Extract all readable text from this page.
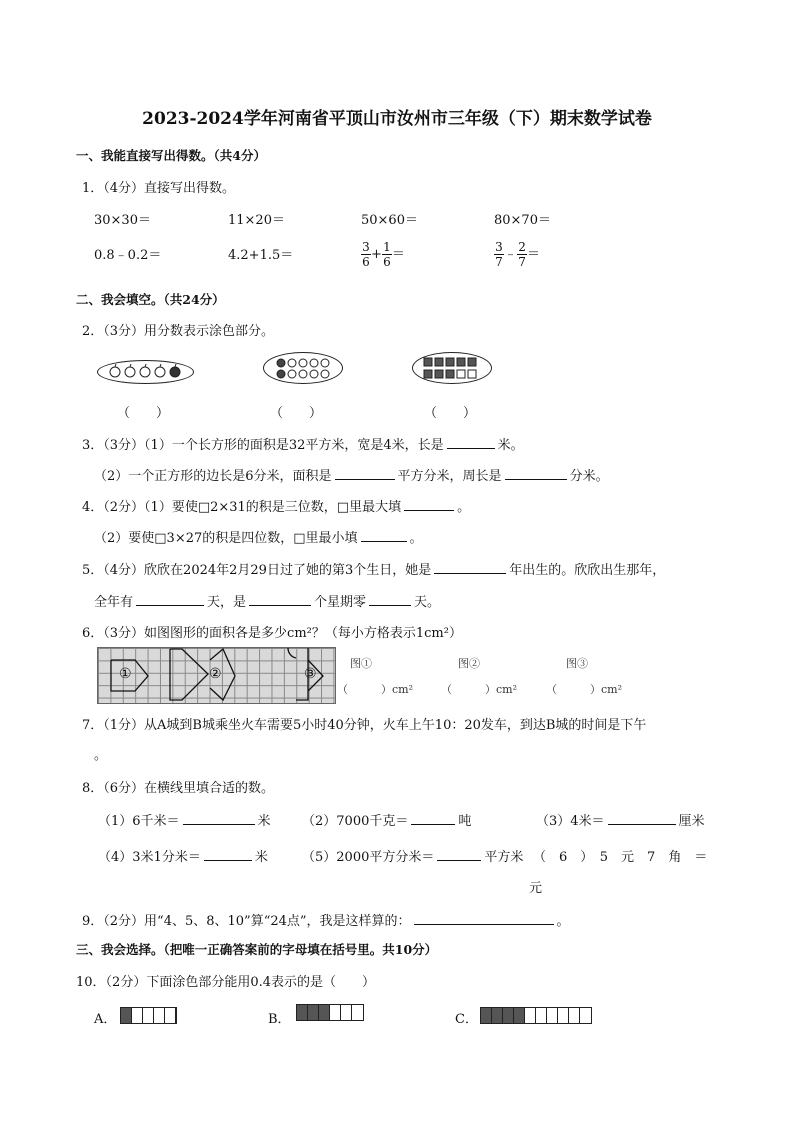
2023-2024学年河南省平顶山市汝州市三年级（下）期末数学试卷
一、我能直接写出得数。（共4分）
1．（4分）直接写出得数。
30×30＝	11×20＝	50×60＝	80×70＝
0.8﹣0.2＝	4.2+1.5＝	$\frac{3}{6} + \frac{1}{6}$ ＝	$\frac{3}{7}$ ﹣ $\frac{2}{7}$ ＝
二、我会填空。（共24分）
2．（3分）用分数表示涂色部分。
（　　）	（　　）	（　　）
3．（3分）（1）一个长方形的面积是32平方米，宽是4米，长是	米。
（2）一个正方形的边长是6分米，面积是	平方分米，周长是	分米。
4．（2分）（1）要使□2×31的积是三位数，□里最大填	。
（2）要使□3×27的积是四位数，□里最小填	。
5．（4分）欣欣在2024年2月29日过了她的第3个生日，她是	年出生的。欣欣出生那年，
全年有	天，是	个星期零	天。
6．（3分）如图图形的面积各是多少cm²？（每小方格表示1cm²）
①	②	③
图①	图②	图③
（　　　）cm²	（　　　）cm²	（　　　）cm²
7．（1分）从A城到B城乘坐火车需要5小时40分钟，火车上午10：20发车，到达B城的时间是下午
。
8．（6分）在横线里填合适的数。
（1）6千米＝	米 （2）7000千克＝	吨	（3）4米＝	厘米
（4）3米1分米＝	米	（5）2000平方分米＝	平方米 （　6　）　5　元　7　角　＝
元
9．（2分）用“4、5、8、10”算“24点”，我是这样算的：	。
三、我会选择。（把唯一正确答案前的字母填在括号里。共10分）
10．（2分）下面涂色部分能用0.4表示的是（　　）
A．	B．	C．
